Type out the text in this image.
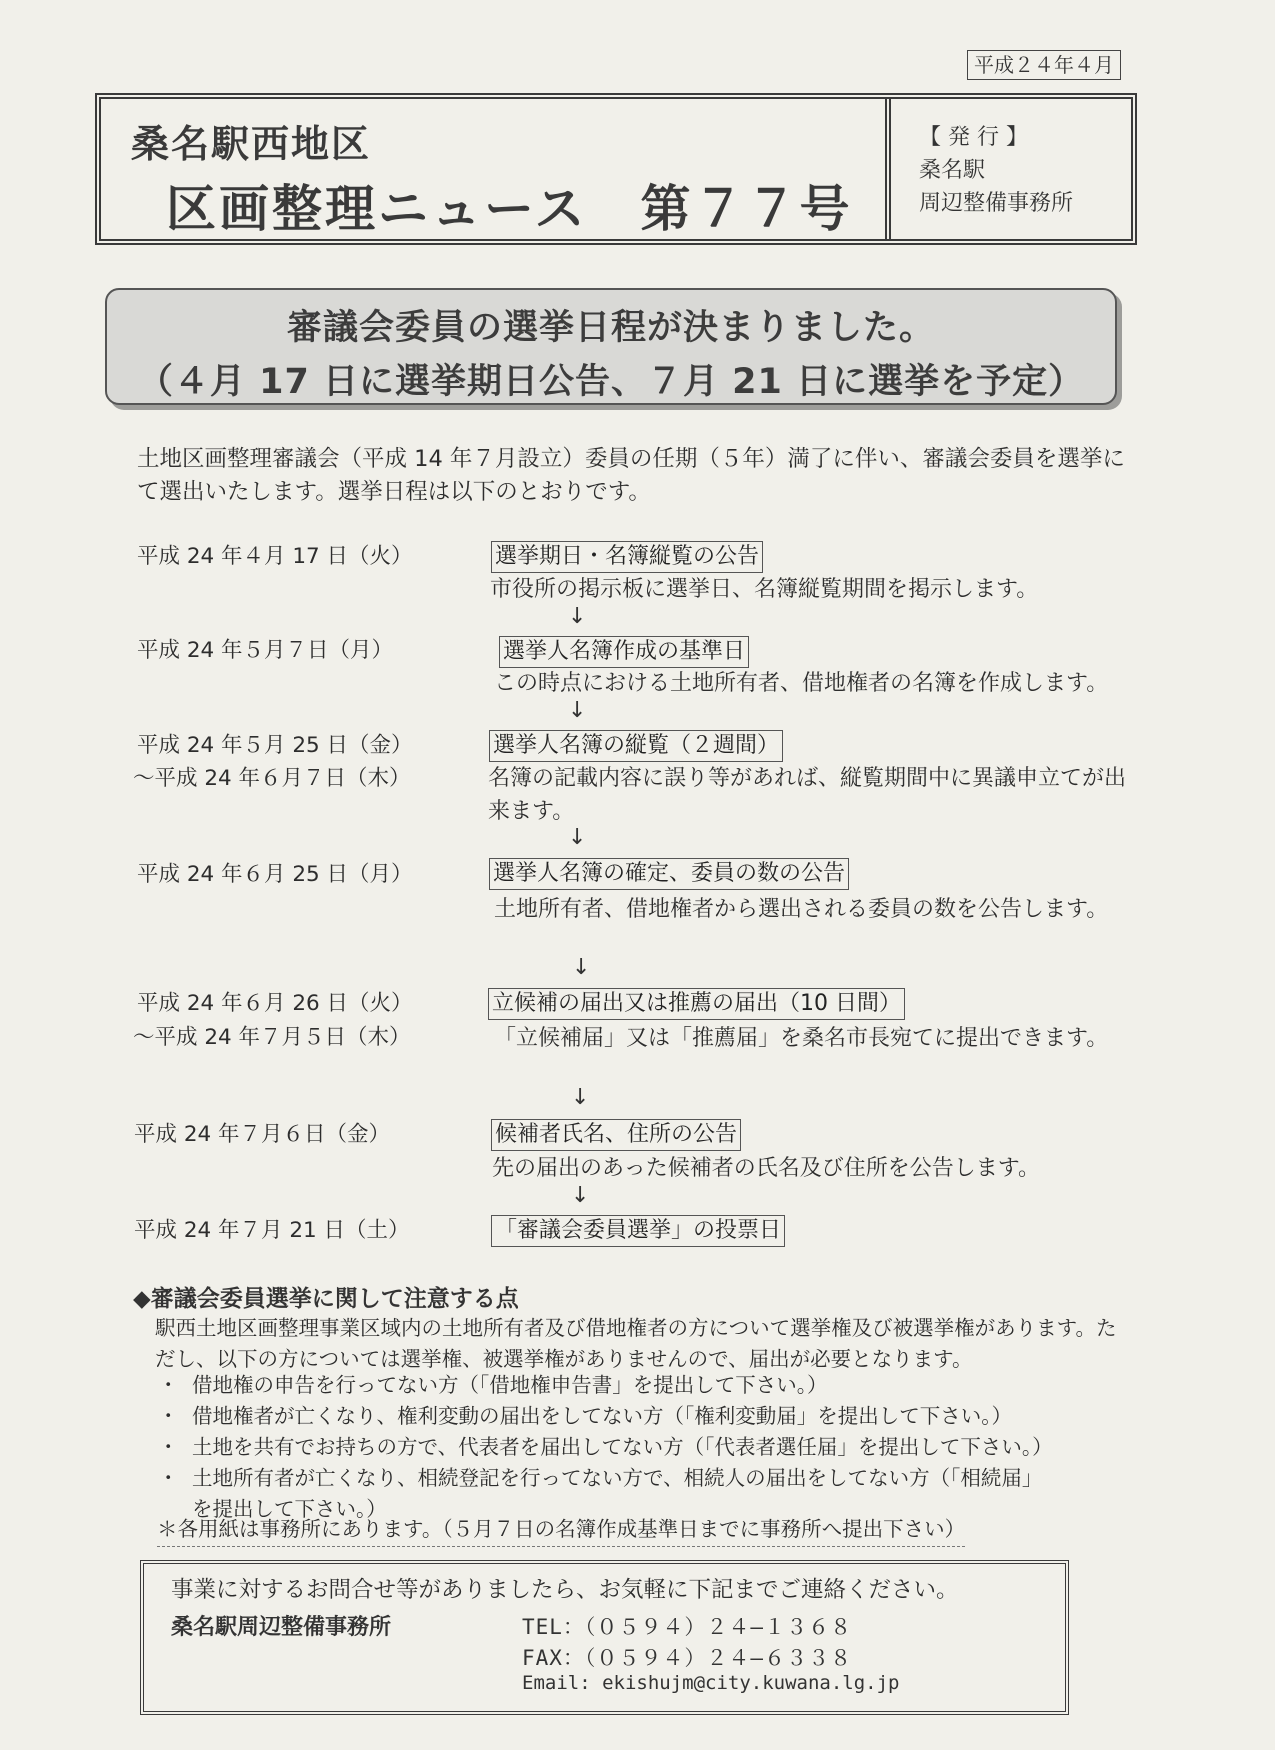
平成２４年４月
桑名駅西地区
区画整理ニュース　第７７号
【 発 行 】
桑名駅
周辺整備事務所
審議会委員の選挙日程が決まりました。
（４月 17 日に選挙期日公告、７月 21 日に選挙を予定）
土地区画整理審議会（平成 14 年７月設立）委員の任期（５年）満了に伴い、審議会委員を選挙にて選出いたします。選挙日程は以下のとおりです。
平成 24 年４月 17 日（火）	選挙期日・名簿縦覧の公告
市役所の掲示板に選挙日、名簿縦覧期間を掲示します。
↓
平成 24 年５月７日（月）	選挙人名簿作成の基準日
この時点における土地所有者、借地権者の名簿を作成します。
↓
平成 24 年５月 25 日（金）
～平成 24 年６月７日（木）
選挙人名簿の縦覧（２週間）
名簿の記載内容に誤り等があれば、縦覧期間中に異議申立てが出来ます。
↓
平成 24 年６月 25 日（月）	選挙人名簿の確定、委員の数の公告
土地所有者、借地権者から選出される委員の数を公告します。
↓
平成 24 年６月 26 日（火）
～平成 24 年７月５日（木）
立候補の届出又は推薦の届出（10 日間）
「立候補届」又は「推薦届」を桑名市長宛てに提出できます。
↓
平成 24 年７月６日（金）	候補者氏名、住所の公告
先の届出のあった候補者の氏名及び住所を公告します。
↓
平成 24 年７月 21 日（土）	「審議会委員選挙」の投票日
◆審議会委員選挙に関して注意する点
駅西土地区画整理事業区域内の土地所有者及び借地権者の方について選挙権及び被選挙権があります。ただし、以下の方については選挙権、被選挙権がありませんので、届出が必要となります。
・ 借地権の申告を行ってない方（「借地権申告書」を提出して下さい。）
・ 借地権者が亡くなり、権利変動の届出をしてない方（「権利変動届」を提出して下さい。）
・ 土地を共有でお持ちの方で、代表者を届出してない方（「代表者選任届」を提出して下さい。）
・ 土地所有者が亡くなり、相続登記を行ってない方で、相続人の届出をしてない方（「相続届」
を提出して下さい。）
＊各用紙は事務所にあります。（５月７日の名簿作成基準日までに事務所へ提出下さい）
事業に対するお問合せ等がありましたら、お気軽に下記までご連絡ください。
桑名駅周辺整備事務所	TEL：（０５９４）２４—１３６８
FAX：（０５９４）２４—６３３８
Email: ekishujm@city.kuwana.lg.jp
